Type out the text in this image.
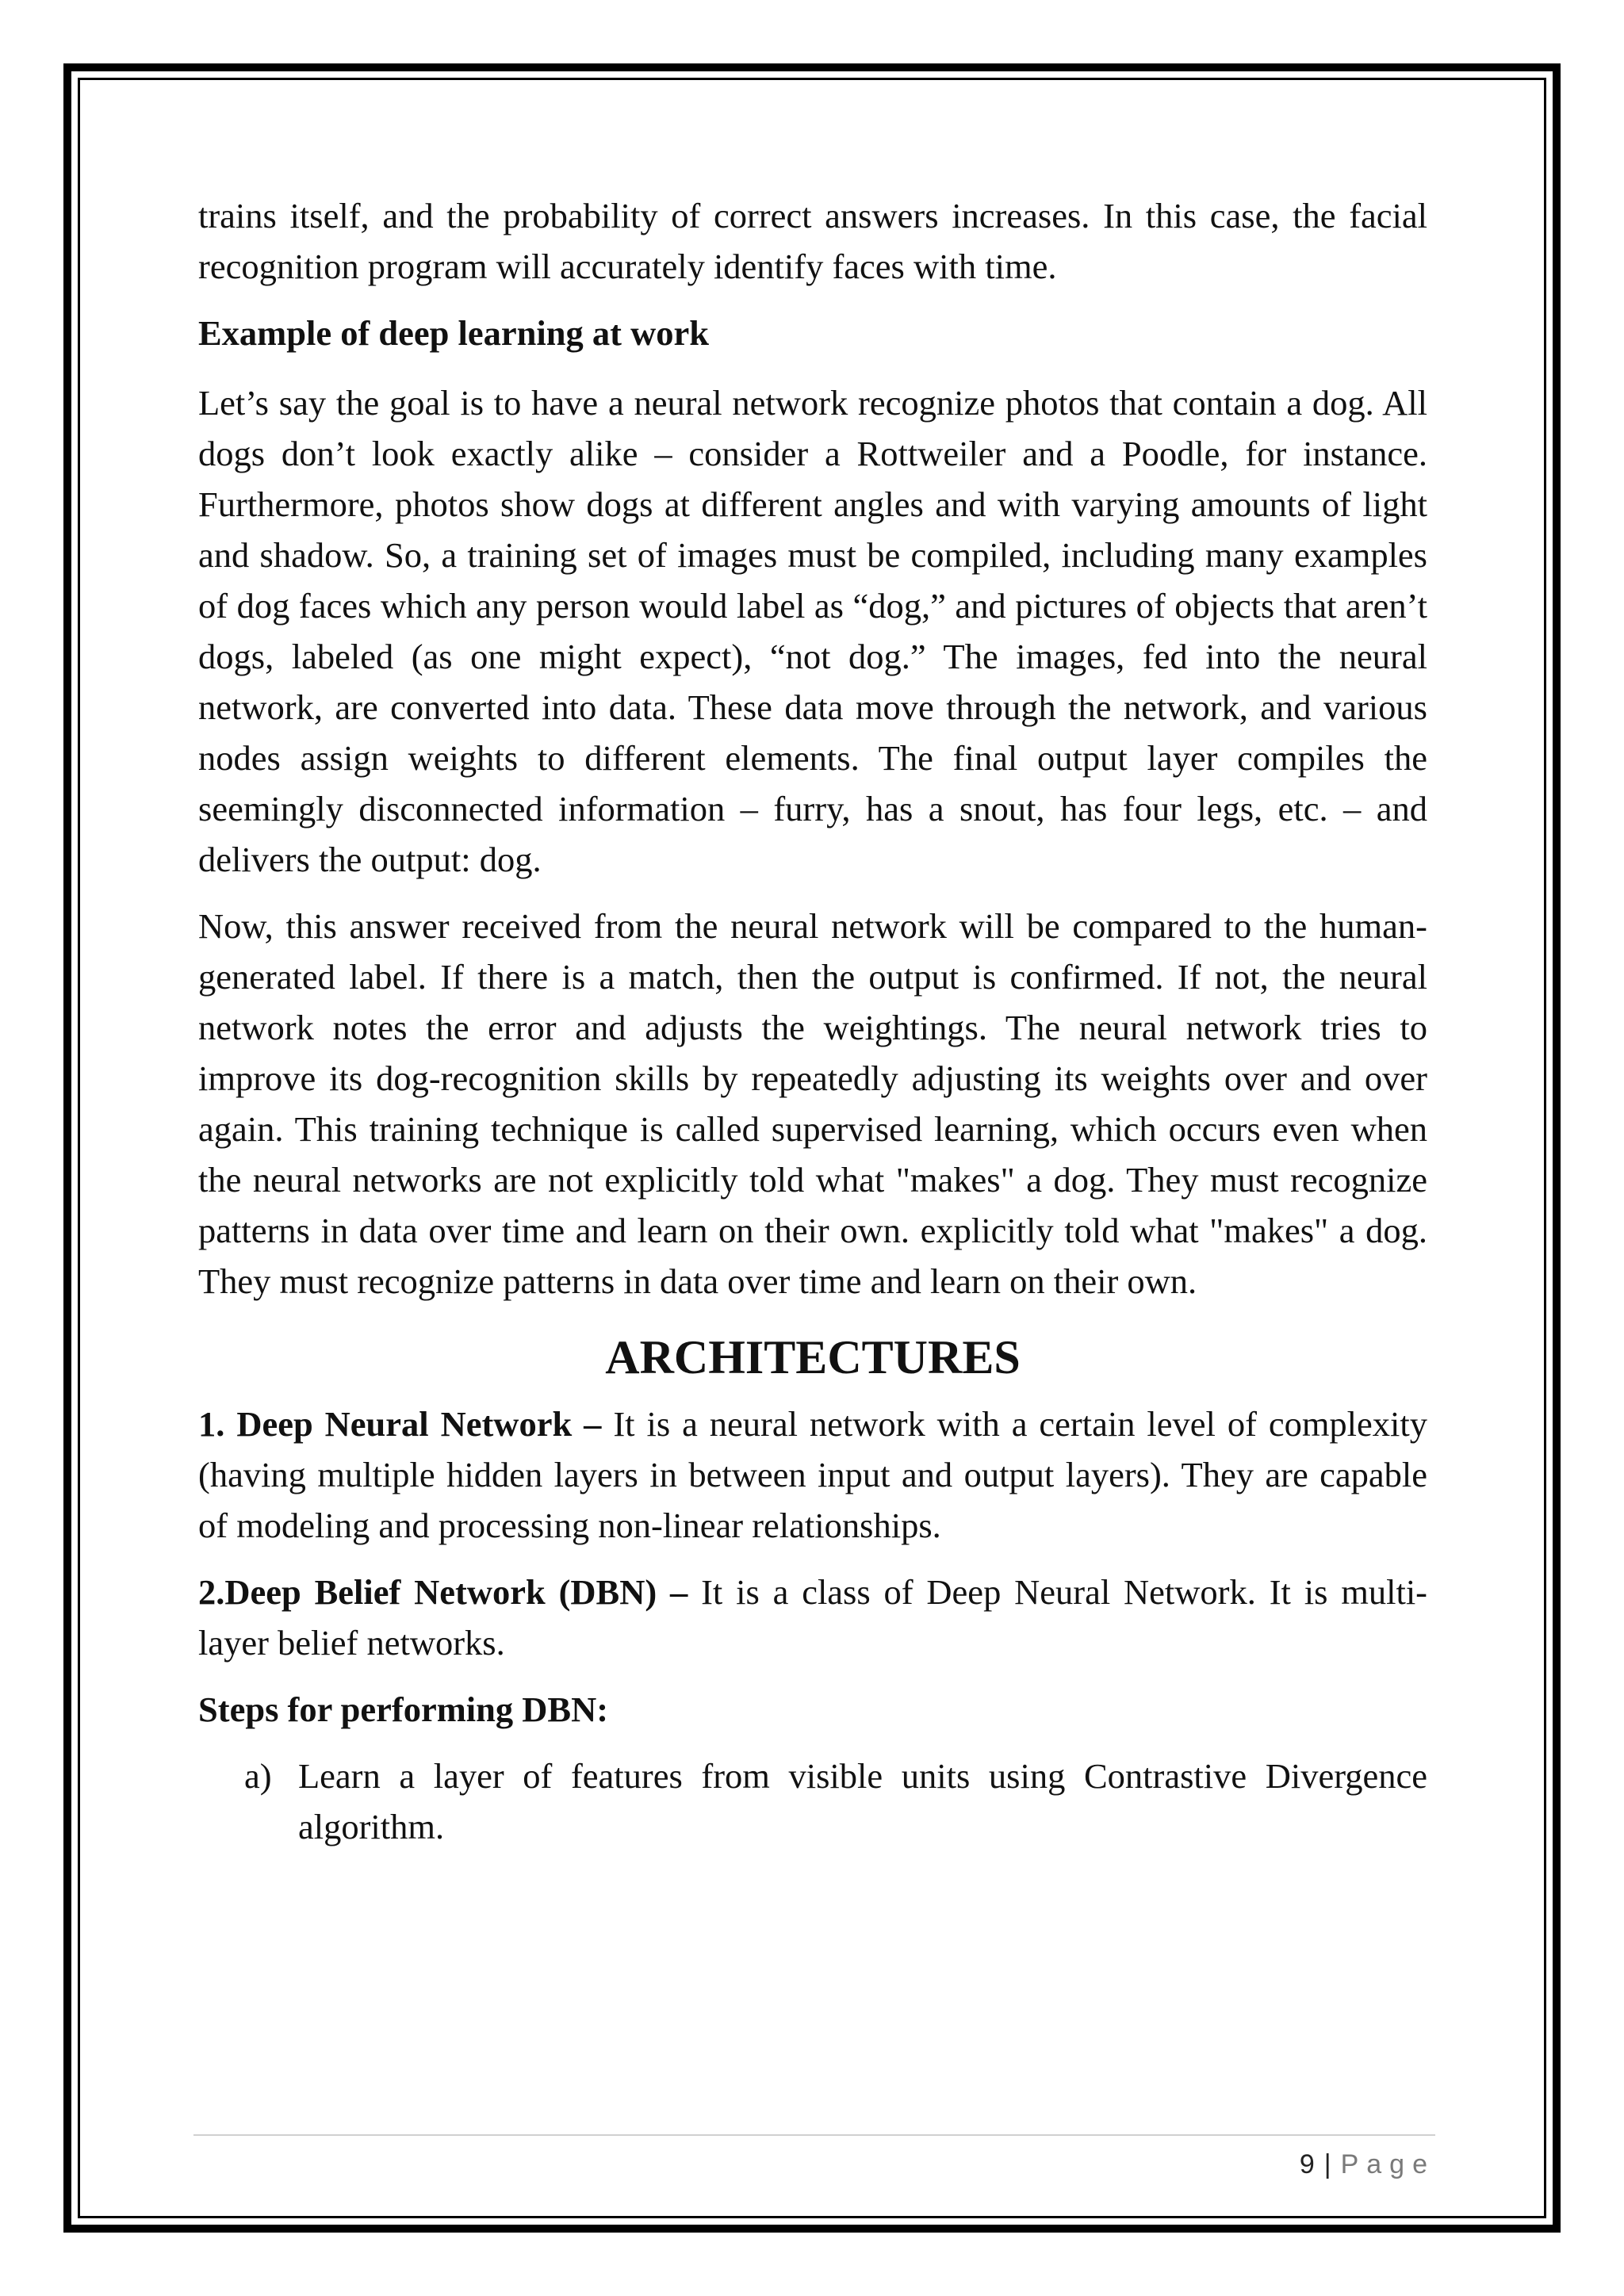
trains itself, and the probability of correct answers increases. In this case, the facial recognition program will accurately identify faces with time.

Example of deep learning at work

Let’s say the goal is to have a neural network recognize photos that contain a dog. All dogs don’t look exactly alike – consider a Rottweiler and a Poodle, for instance. Furthermore, photos show dogs at different angles and with varying amounts of light and shadow. So, a training set of images must be compiled, including many examples of dog faces which any person would label as “dog,” and pictures of objects that aren’t dogs, labeled (as one might expect), “not dog.” The images, fed into the neural network, are converted into data. These data move through the network, and various nodes assign weights to different elements. The final output layer compiles the seemingly disconnected information – furry, has a snout, has four legs, etc. – and delivers the output: dog.

Now, this answer received from the neural network will be compared to the human-generated label. If there is a match, then the output is confirmed. If not, the neural network notes the error and adjusts the weightings. The neural network tries to improve its dog-recognition skills by repeatedly adjusting its weights over and over again. This training technique is called supervised learning, which occurs even when the neural networks are not explicitly told what "makes" a dog. They must recognize patterns in data over time and learn on their own. explicitly told what "makes" a dog. They must recognize patterns in data over time and learn on their own.

ARCHITECTURES

1. Deep Neural Network – It is a neural network with a certain level of complexity (having multiple hidden layers in between input and output layers). They are capable of modeling and processing non-linear relationships.

2.Deep Belief Network (DBN) – It is a class of Deep Neural Network. It is multi-layer belief networks.

Steps for performing DBN:
a) Learn a layer of features from visible units using Contrastive Divergence algorithm.
9 | Page
